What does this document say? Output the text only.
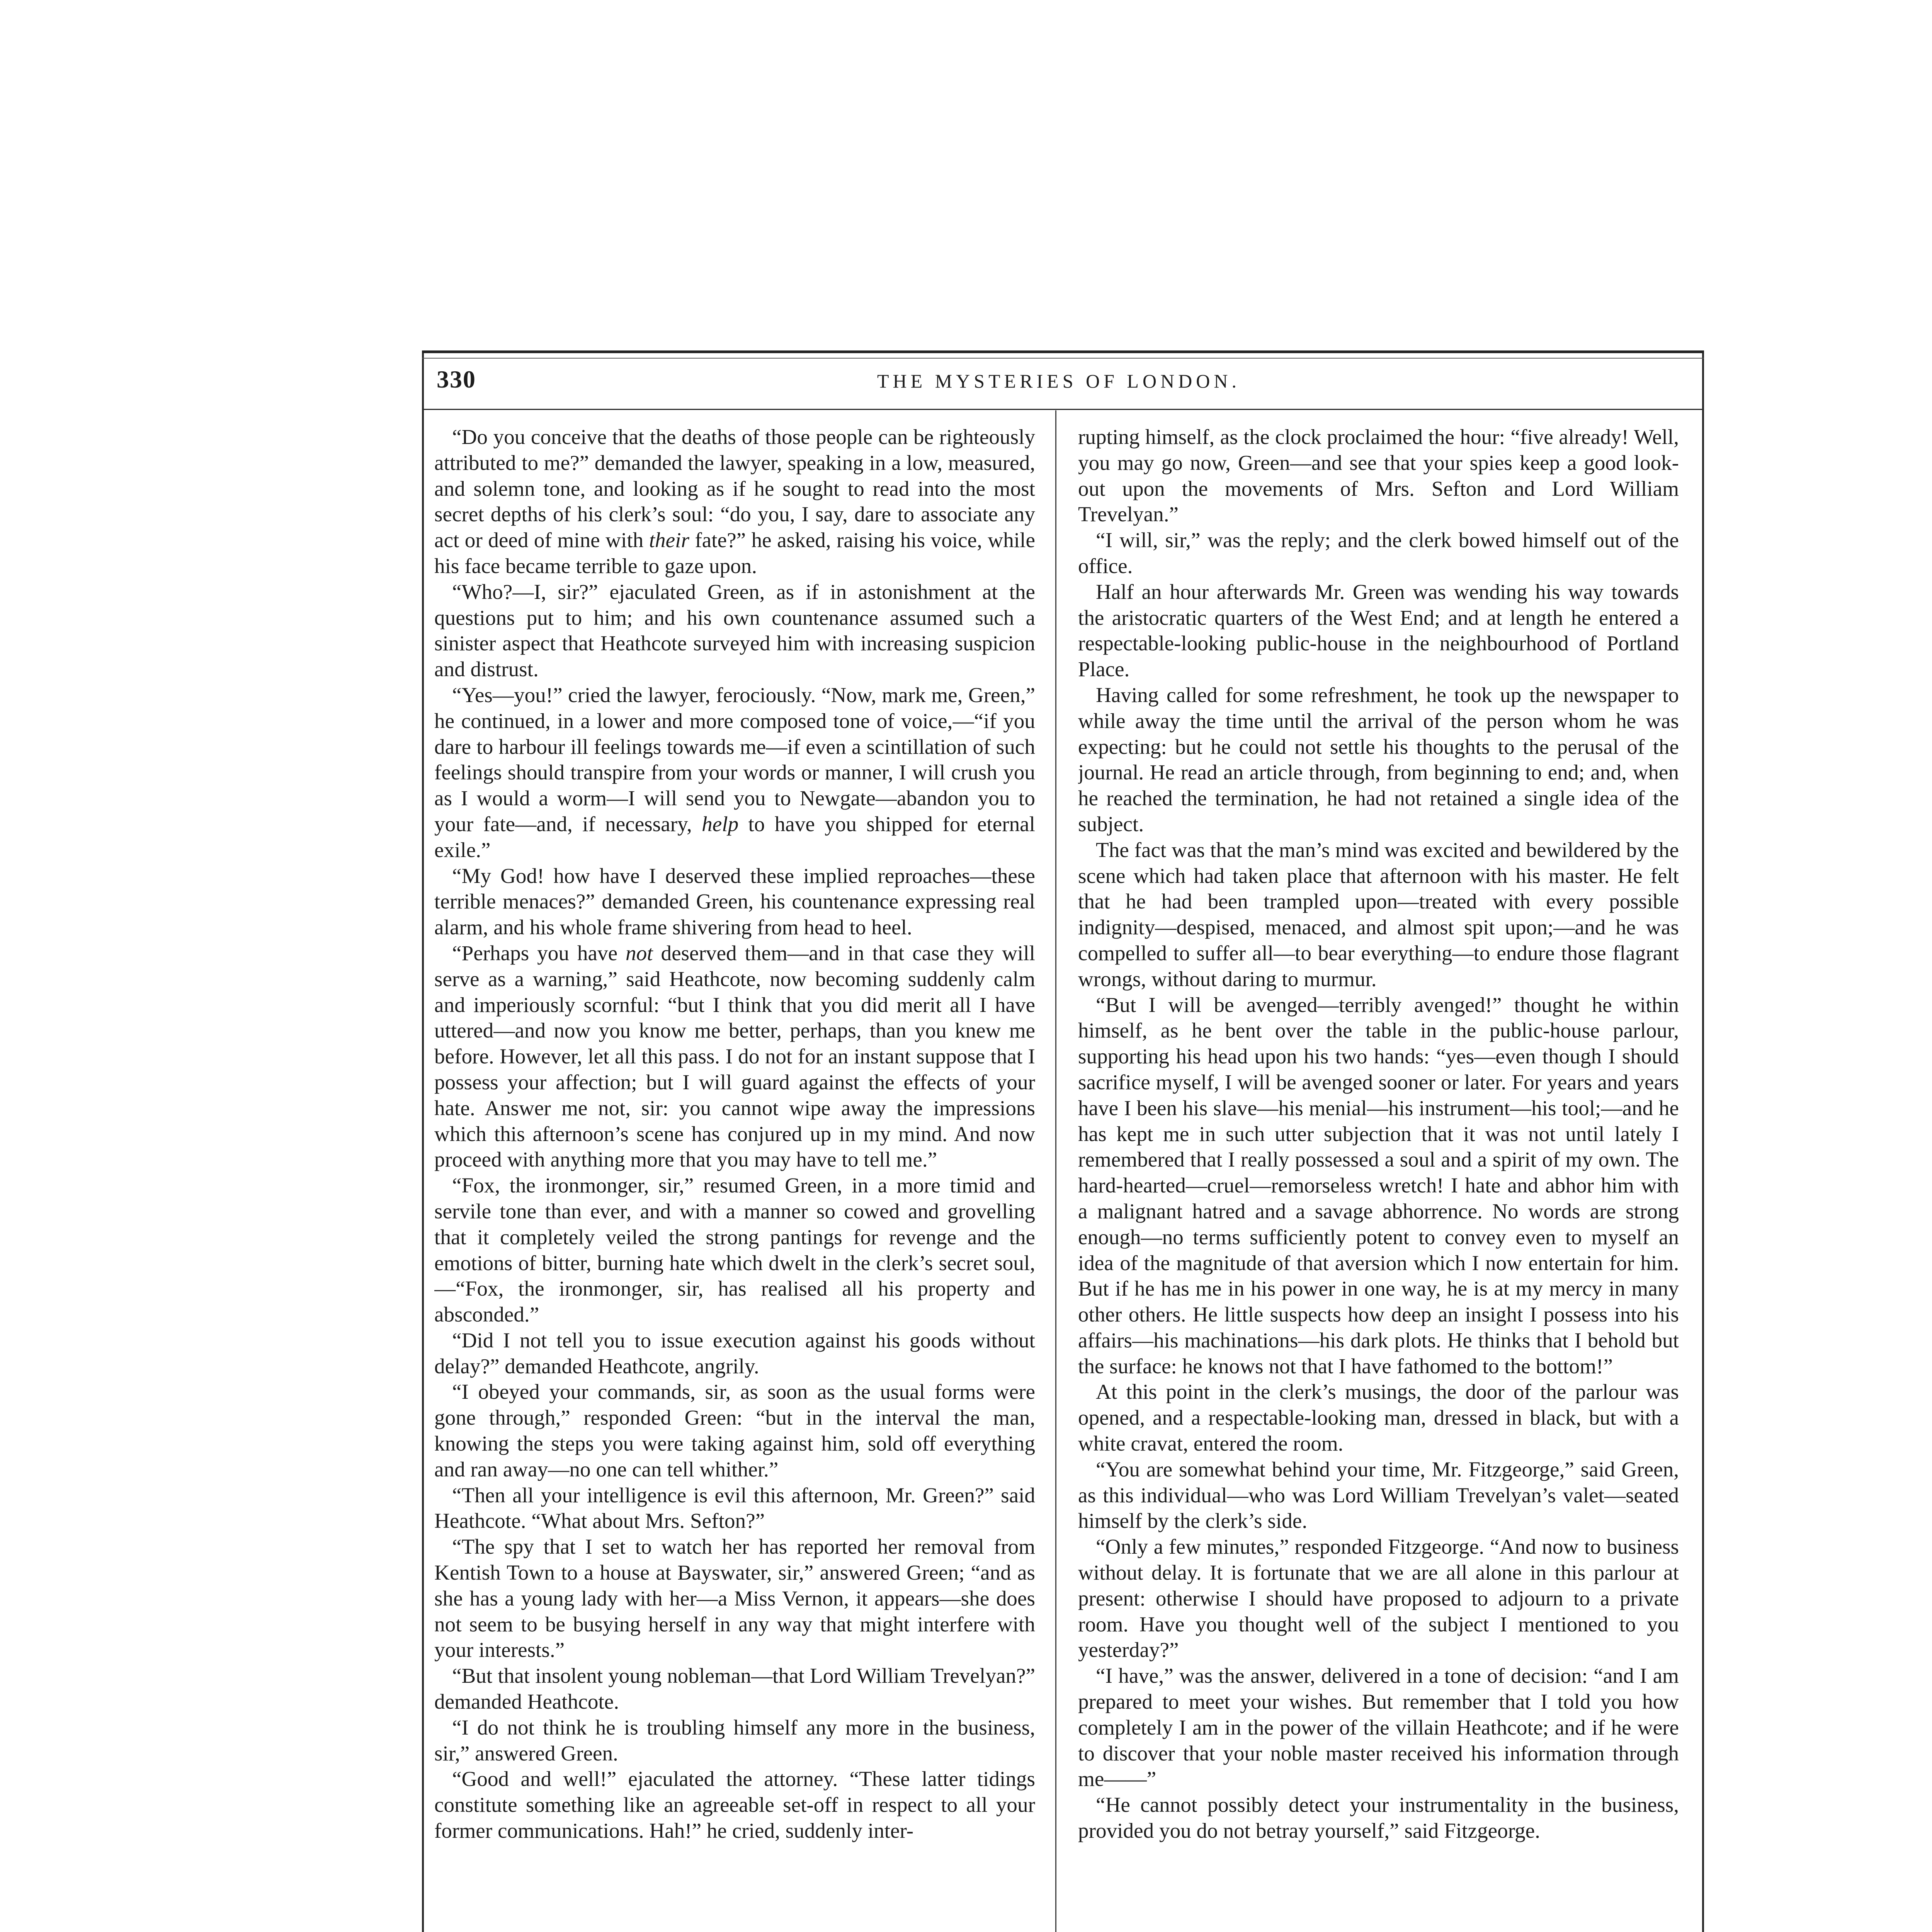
330	THE MYSTERIES OF LONDON.

“Do you conceive that the deaths of those people can be righteously attributed to me?” demanded the lawyer, speaking in a low, measured, and solemn tone, and looking as if he sought to read into the most secret depths of his clerk’s soul: “do you, I say, dare to associate any act or deed of mine with their fate?” he asked, raising his voice, while his face became terrible to gaze upon.

“Who?—I, sir?” ejaculated Green, as if in astonishment at the questions put to him; and his own countenance assumed such a sinister aspect that Heathcote surveyed him with increasing suspicion and distrust.

“Yes—you!” cried the lawyer, ferociously. “Now, mark me, Green,” he continued, in a lower and more composed tone of voice,—“if you dare to harbour ill feelings towards me—if even a scintillation of such feelings should transpire from your words or manner, I will crush you as I would a worm—I will send you to Newgate—abandon you to your fate—and, if necessary, help to have you shipped for eternal exile.”

“My God! how have I deserved these implied reproaches—these terrible menaces?” demanded Green, his countenance expressing real alarm, and his whole frame shivering from head to heel.

“Perhaps you have not deserved them—and in that case they will serve as a warning,” said Heathcote, now becoming suddenly calm and imperiously scornful: “but I think that you did merit all I have uttered—and now you know me better, perhaps, than you knew me before. However, let all this pass. I do not for an instant suppose that I possess your affection; but I will guard against the effects of your hate. Answer me not, sir: you cannot wipe away the impressions which this afternoon’s scene has conjured up in my mind. And now proceed with anything more that you may have to tell me.”

“Fox, the ironmonger, sir,” resumed Green, in a more timid and servile tone than ever, and with a manner so cowed and grovelling that it completely veiled the strong pantings for revenge and the emotions of bitter, burning hate which dwelt in the clerk’s secret soul,—“Fox, the ironmonger, sir, has realised all his property and absconded.”

“Did I not tell you to issue execution against his goods without delay?” demanded Heathcote, angrily.

“I obeyed your commands, sir, as soon as the usual forms were gone through,” responded Green: “but in the interval the man, knowing the steps you were taking against him, sold off everything and ran away—no one can tell whither.”

“Then all your intelligence is evil this afternoon, Mr. Green?” said Heathcote. “What about Mrs. Sefton?”

“The spy that I set to watch her has reported her removal from Kentish Town to a house at Bayswater, sir,” answered Green; “and as she has a young lady with her—a Miss Vernon, it appears—she does not seem to be busying herself in any way that might interfere with your interests.”

“But that insolent young nobleman—that Lord William Trevelyan?” demanded Heathcote.

“I do not think he is troubling himself any more in the business, sir,” answered Green.

“Good and well!” ejaculated the attorney. “These latter tidings constitute something like an agreeable set-off in respect to all your former communications. Hah!” he cried, suddenly inter-

rupting himself, as the clock proclaimed the hour: “five already! Well, you may go now, Green—and see that your spies keep a good look-out upon the movements of Mrs. Sefton and Lord William Trevelyan.”

“I will, sir,” was the reply; and the clerk bowed himself out of the office.

Half an hour afterwards Mr. Green was wending his way towards the aristocratic quarters of the West End; and at length he entered a respectable-looking public-house in the neighbourhood of Portland Place.

Having called for some refreshment, he took up the newspaper to while away the time until the arrival of the person whom he was expecting: but he could not settle his thoughts to the perusal of the journal. He read an article through, from beginning to end; and, when he reached the termination, he had not retained a single idea of the subject.

The fact was that the man’s mind was excited and bewildered by the scene which had taken place that afternoon with his master. He felt that he had been trampled upon—treated with every possible indignity—despised, menaced, and almost spit upon;—and he was compelled to suffer all—to bear everything—to endure those flagrant wrongs, without daring to murmur.

“But I will be avenged—terribly avenged!” thought he within himself, as he bent over the table in the public-house parlour, supporting his head upon his two hands: “yes—even though I should sacrifice myself, I will be avenged sooner or later. For years and years have I been his slave—his menial—his instrument—his tool;—and he has kept me in such utter subjection that it was not until lately I remembered that I really possessed a soul and a spirit of my own. The hard-hearted—cruel—remorseless wretch! I hate and abhor him with a malignant hatred and a savage abhorrence. No words are strong enough—no terms sufficiently potent to convey even to myself an idea of the magnitude of that aversion which I now entertain for him. But if he has me in his power in one way, he is at my mercy in many other others. He little suspects how deep an insight I possess into his affairs—his machinations—his dark plots. He thinks that I behold but the surface: he knows not that I have fathomed to the bottom!”

At this point in the clerk’s musings, the door of the parlour was opened, and a respectable-looking man, dressed in black, but with a white cravat, entered the room.

“You are somewhat behind your time, Mr. Fitzgeorge,” said Green, as this individual—who was Lord William Trevelyan’s valet—seated himself by the clerk’s side.

“Only a few minutes,” responded Fitzgeorge. “And now to business without delay. It is fortunate that we are all alone in this parlour at present: otherwise I should have proposed to adjourn to a private room. Have you thought well of the subject I mentioned to you yesterday?”

“I have,” was the answer, delivered in a tone of decision: “and I am prepared to meet your wishes. But remember that I told you how completely I am in the power of the villain Heathcote; and if he were to discover that your noble master received his information through me——”

“He cannot possibly detect your instrumentality in the business, provided you do not betray yourself,” said Fitzgeorge.
